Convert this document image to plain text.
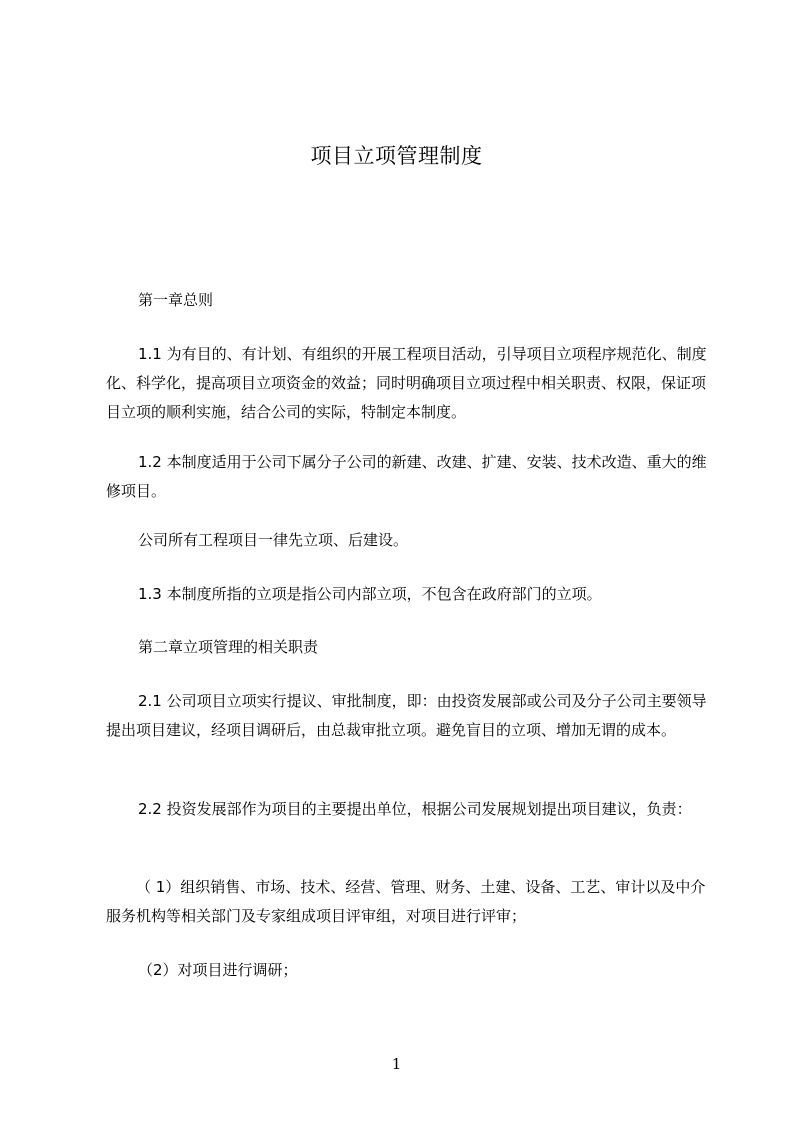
项目立项管理制度

第一章总则

1.1 为有目的、有计划、有组织的开展工程项目活动，引导项目立项程序规范化、制度化、科学化，提高项目立项资金的效益；同时明确项目立项过程中相关职责、权限，保证项目立项的顺利实施，结合公司的实际，特制定本制度。

1.2 本制度适用于公司下属分子公司的新建、改建、扩建、安装、技术改造、重大的维修项目。

公司所有工程项目一律先立项、后建设。

1.3 本制度所指的立项是指公司内部立项，不包含在政府部门的立项。

第二章立项管理的相关职责

2.1 公司项目立项实行提议、审批制度，即：由投资发展部或公司及分子公司主要领导提出项目建议，经项目调研后，由总裁审批立项。避免盲目的立项、增加无谓的成本。

2.2 投资发展部作为项目的主要提出单位，根据公司发展规划提出项目建议，负责：

（ 1）组织销售、市场、技术、经营、管理、财务、土建、设备、工艺、审计以及中介服务机构等相关部门及专家组成项目评审组，对项目进行评审；

（2）对项目进行调研；

1
